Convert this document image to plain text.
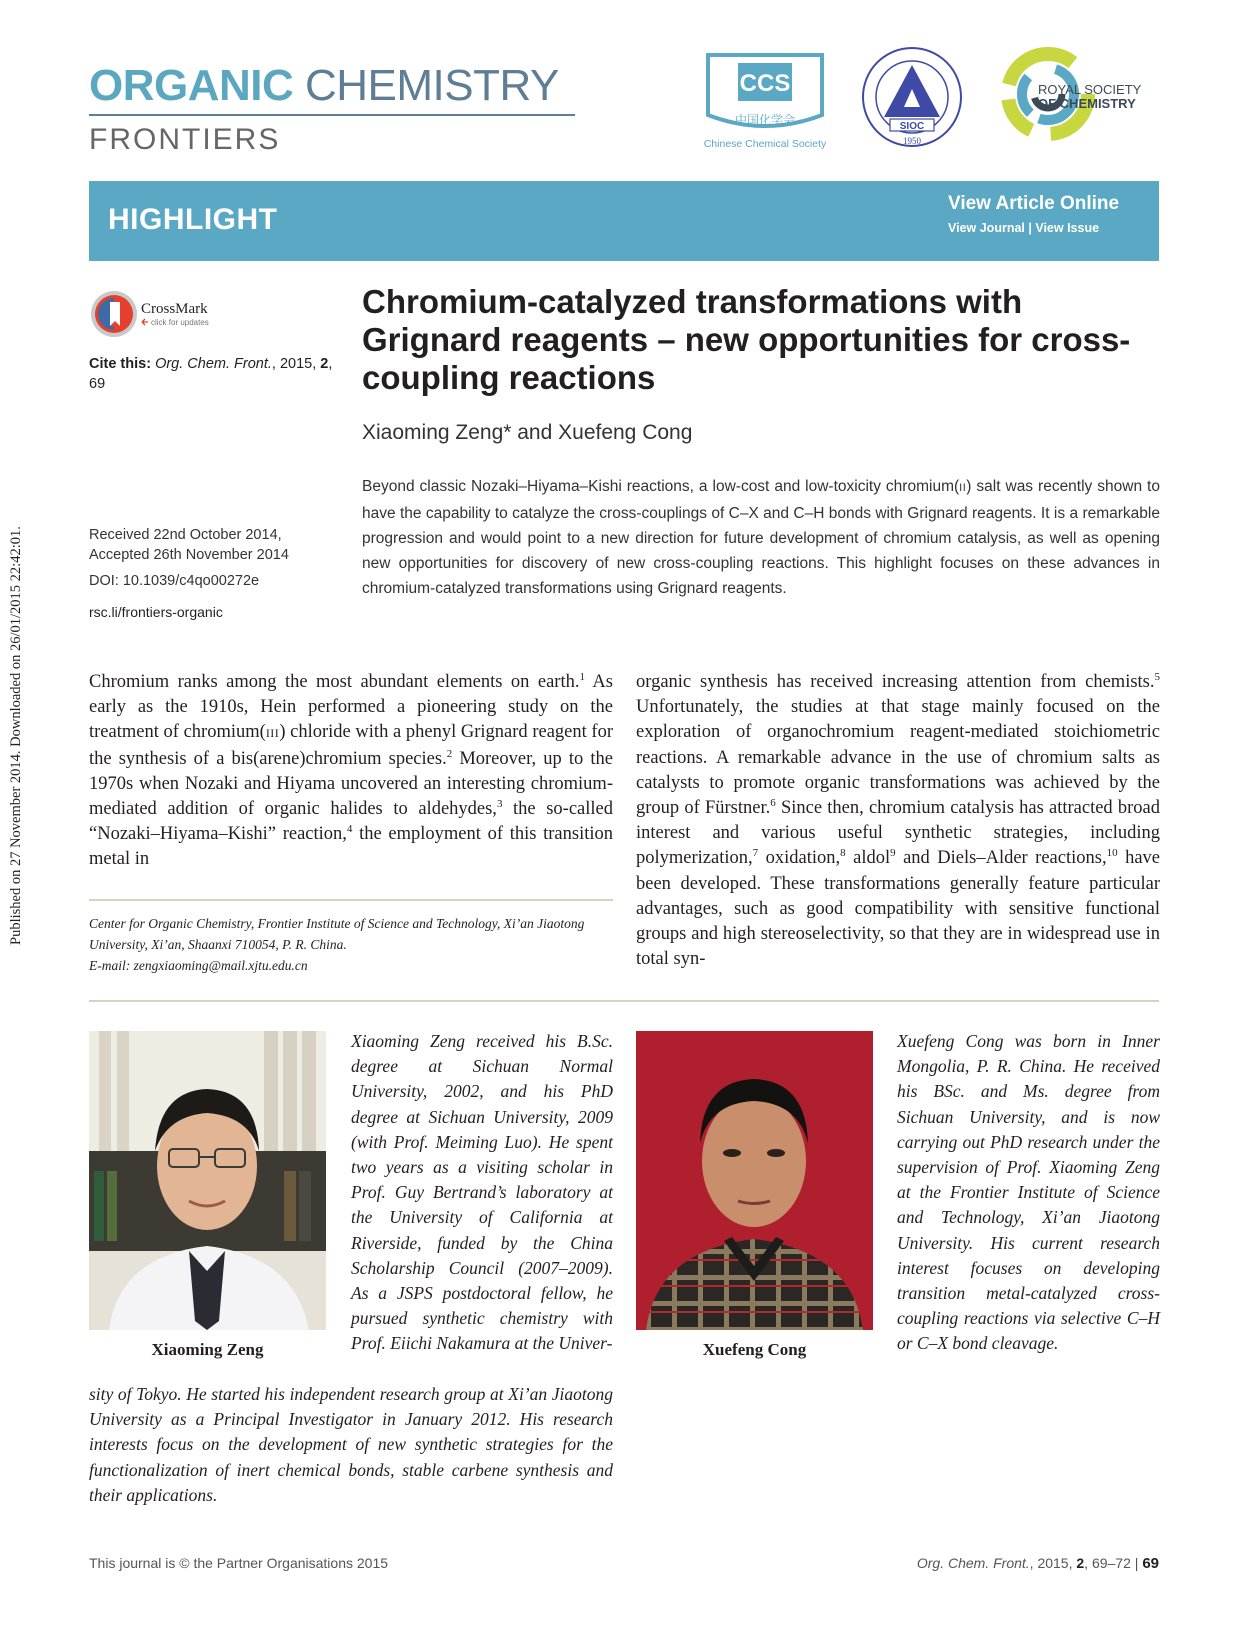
ORGANIC CHEMISTRY
FRONTIERS
CCS
中国化学会
Chinese Chemical Society
SIOC
1950
ROYAL SOCIETY
OF CHEMISTRY
HIGHLIGHT	View Article Online
View Journal | View Issue
CrossMark
click for updates
Cite this: Org. Chem. Front., 2015, 2, 69
Received 22nd October 2014,
Accepted 26th November 2014
DOI: 10.1039/c4qo00272e
rsc.li/frontiers-organic
Published on 27 November 2014. Downloaded on 26/01/2015 22:42:01.
Chromium-catalyzed transformations with Grignard reagents – new opportunities for cross-coupling reactions
Xiaoming Zeng* and Xuefeng Cong
Beyond classic Nozaki–Hiyama–Kishi reactions, a low-cost and low-toxicity chromium(II) salt was recently shown to have the capability to catalyze the cross-couplings of C–X and C–H bonds with Grignard reagents. It is a remarkable progression and would point to a new direction for future development of chromium catalysis, as well as opening new opportunities for discovery of new cross-coupling reactions. This highlight focuses on these advances in chromium-catalyzed transformations using Grignard reagents.
Chromium ranks among the most abundant elements on earth.$^1$ As early as the 1910s, Hein performed a pioneering study on the treatment of chromium(III) chloride with a phenyl Grignard reagent for the synthesis of a bis(arene)chromium species.$^2$ Moreover, up to the 1970s when Nozaki and Hiyama uncovered an interesting chromium-mediated addition of organic halides to aldehydes,$^3$ the so-called “Nozaki–Hiyama–Kishi” reaction,$^4$ the employment of this transition metal in
organic synthesis has received increasing attention from chemists.$^5$ Unfortunately, the studies at that stage mainly focused on the exploration of organochromium reagent-mediated stoichiometric reactions. A remarkable advance in the use of chromium salts as catalysts to promote organic transformations was achieved by the group of Fürstner.$^6$ Since then, chromium catalysis has attracted broad interest and various useful synthetic strategies, including polymerization,$^7$ oxidation,$^8$ aldol$^9$ and Diels–Alder reactions,$^{10}$ have been developed. These transformations generally feature particular advantages, such as good compatibility with sensitive functional groups and high stereoselectivity, so that they are in widespread use in total syn-
Center for Organic Chemistry, Frontier Institute of Science and Technology, Xi’an Jiaotong University, Xi’an, Shaanxi 710054, P. R. China.
E-mail: zengxiaoming@mail.xjtu.edu.cn
Xiaoming Zeng
Xiaoming Zeng received his B.Sc. degree at Sichuan Normal University, 2002, and his PhD degree at Sichuan University, 2009 (with Prof. Meiming Luo). He spent two years as a visiting scholar in Prof. Guy Bertrand’s laboratory at the University of California at Riverside, funded by the China Scholarship Council (2007–2009). As a JSPS postdoctoral fellow, he pursued synthetic chemistry with Prof. Eiichi Nakamura at the Univer-
sity of Tokyo. He started his independent research group at Xi’an Jiaotong University as a Principal Investigator in January 2012. His research interests focus on the development of new synthetic strategies for the functionalization of inert chemical bonds, stable carbene synthesis and their applications.
Xuefeng Cong
Xuefeng Cong was born in Inner Mongolia, P. R. China. He received his BSc. and Ms. degree from Sichuan University, and is now carrying out PhD research under the supervision of Prof. Xiaoming Zeng at the Frontier Institute of Science and Technology, Xi’an Jiaotong University. His current research interest focuses on developing transition metal-catalyzed cross-coupling reactions via selective C–H or C–X bond cleavage.
This journal is © the Partner Organisations 2015	Org. Chem. Front., 2015, 2, 69–72 | 69
